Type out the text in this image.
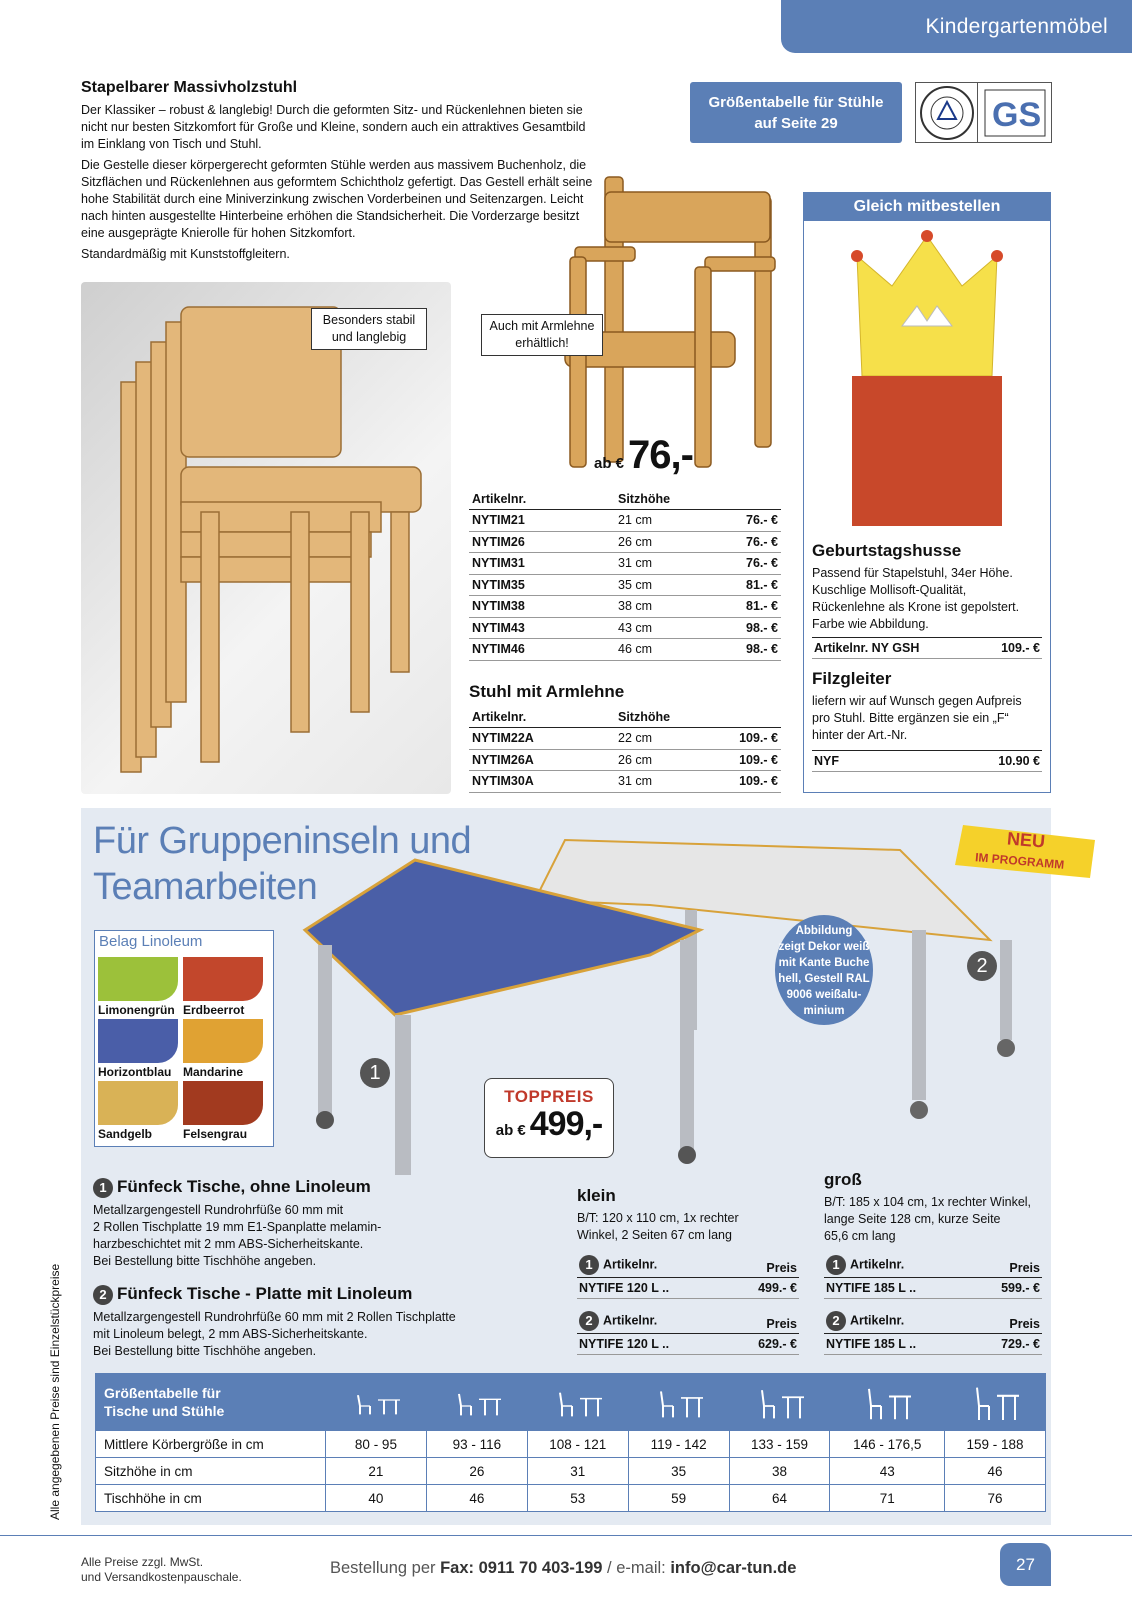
Kindergartenmöbel
Stapelbarer Massivholzstuhl

Der Klassiker – robust & langlebig! Durch die geformten Sitz- und Rückenlehnen bieten sie nicht nur besten Sitzkomfort für Große und Kleine, sondern auch ein attraktives Gesamtbild im Einklang von Tisch und Stuhl.

Die Gestelle dieser körpergerecht geformten Stühle werden aus massivem Buchenholz, die Sitzflächen und Rückenlehnen aus geformtem Schichtholz gefertigt. Das Gestell erhält seine hohe Stabilität durch eine Miniverzinkung zwischen Vorderbeinen und Seitenzargen. Leicht nach hinten ausgestellte Hinterbeine erhöhen die Standsicherheit. Die Vorderzarge besitzt eine ausgeprägte Knierolle für hohen Sitzkomfort.

Standardmäßig mit Kunststoffgleitern.

Größentabelle für Stühle
auf Seite 29	GS
Besonders stabil
und langlebig
Auch mit Armlehne
erhältlich!
ab € 76,-
Artikelnr.	Sitzhöhe	
NYTIM21	21 cm	76.- €
NYTIM26	26 cm	76.- €
NYTIM31	31 cm	76.- €
NYTIM35	35 cm	81.- €
NYTIM38	38 cm	81.- €
NYTIM43	43 cm	98.- €
NYTIM46	46 cm	98.- €
Stuhl mit Armlehne
Artikelnr.	Sitzhöhe	
NYTIM22A	22 cm	109.- €
NYTIM26A	26 cm	109.- €
NYTIM30A	31 cm	109.- €
Gleich mitbestellen
Geburtstagshusse
Passend für Stapelstuhl, 34er Höhe. Kuschlige Mollisoft-Qualität, Rückenlehne als Krone ist gepolstert. Farbe wie Abbildung.
Artikelnr. NY GSH	109.- €
Filzgleiter
liefern wir auf Wunsch gegen Aufpreis pro Stuhl. Bitte ergänzen sie ein „F“ hinter der Art.-Nr.
NYF	10.90 €
Für Gruppeninseln und
Teamarbeiten
NEU
IM PROGRAMM
Abbildung
zeigt Dekor weiß
mit Kante Buche
hell, Gestell RAL
9006 weißalu-
minium
1
2
TOPPREIS
ab € 499,-
Belag Linoleum
Limonengrün Erdbeerrot
Horizontblau Mandarine
Sandgelb	Felsengrau
1 Fünfeck Tische, ohne Linoleum
Metallzargengestell Rundrohrfüße 60 mm mit
2 Rollen Tischplatte 19 mm E1-Spanplatte melamin-
harzbeschichtet mit 2 mm ABS-Sicherheitskante.
Bei Bestellung bitte Tischhöhe angeben.
2 Fünfeck Tische - Platte mit Linoleum
Metallzargengestell Rundrohrfüße 60 mm mit 2 Rollen Tischplatte
mit Linoleum belegt, 2 mm ABS-Sicherheitskante.
Bei Bestellung bitte Tischhöhe angeben.
klein
B/T: 120 x 110 cm, 1x rechter
Winkel, 2 Seiten 67 cm lang
1 Artikelnr.	Preis
NYTIFE 120 L ..	499.- €
2 Artikelnr.	Preis
NYTIFE 120 L ..	629.- €
groß
B/T: 185 x 104 cm, 1x rechter Winkel,
lange Seite 128 cm, kurze Seite
65,6 cm lang
1 Artikelnr.	Preis
NYTIFE 185 L ..	599.- €
2 Artikelnr.	Preis
NYTIFE 185 L ..	729.- €
Größentabelle für
Tische und Stühle							
Mittlere Körbergröße in cm	80 - 95	93 - 116	108 - 121	119 - 142	133 - 159	146 - 176,5	159 - 188
Sitzhöhe in cm	21	26	31	35	38	43	46
Tischhöhe in cm	40	46	53	59	64	71	76
Alle angegebenen Preise sind Einzelstückpreise
Alle Preise zzgl. MwSt.
und Versandkostenpauschale.	Bestellung per Fax: 0911 70 403-199 / e-mail: info@car-tun.de	27
